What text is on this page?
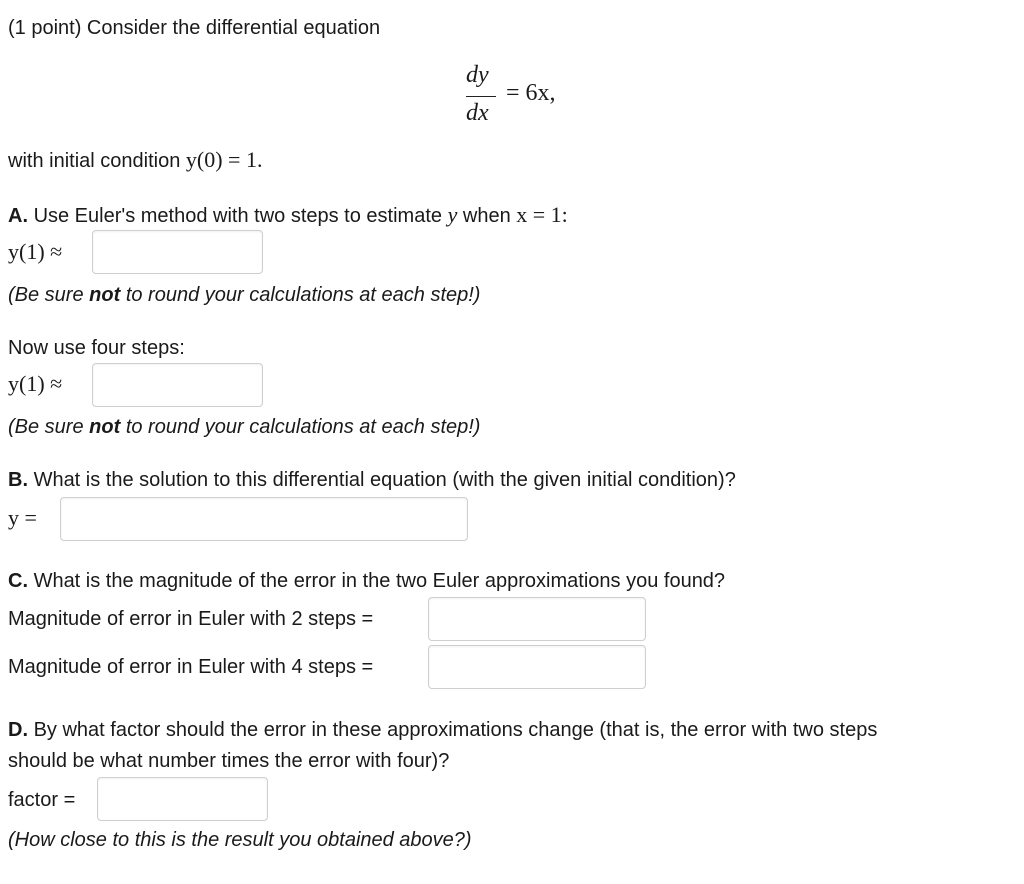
(1 point) Consider the differential equation
dy
dx
= 6x,
with initial condition y(0) = 1.
A. Use Euler's method with two steps to estimate y when x = 1:
y(1) ≈
(Be sure not to round your calculations at each step!)
Now use four steps:
y(1) ≈
(Be sure not to round your calculations at each step!)
B. What is the solution to this differential equation (with the given initial condition)?
y =
C. What is the magnitude of the error in the two Euler approximations you found?
Magnitude of error in Euler with 2 steps =
Magnitude of error in Euler with 4 steps =
D. By what factor should the error in these approximations change (that is, the error with two steps
should be what number times the error with four)?
factor =
(How close to this is the result you obtained above?)
